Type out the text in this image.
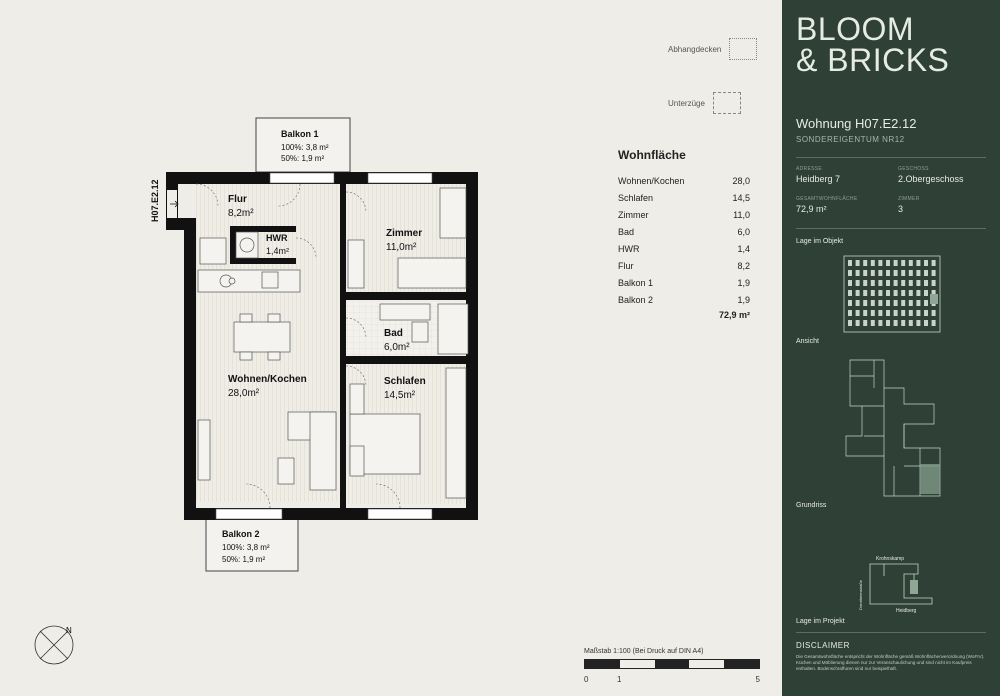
Balkon 1
100%: 3,8 m²
50%: 1,9 m²
Flur
8,2m²
HWR
1,4m²
Zimmer
11,0m²
Bad
6,0m²
Wohnen/Kochen
28,0m²
Schlafen
14,5m²
Balkon 2
100%: 3,8 m²
50%: 1,9 m²
H07.E2.12
N
Abhangdecken
Unterzüge
Wohnfläche
Wohnen/Kochen	28,0
Schlafen	14,5
Zimmer	11,0
Bad	6,0
HWR	1,4
Flur	8,2
Balkon 1	1,9
Balkon 2	1,9
72,9 m²
Maßstab 1:100 (Bei Druck auf DIN A4)
0	1	5
BLOOM
& BRICKS
Wohnung H07.E2.12
SONDEREIGENTUM NR12
ADRESSE
Heidberg 7
GESCHOSS
2.Obergeschoss
GESAMTWOHNFLÄCHE
72,9 m²
ZIMMER
3
Lage im Objekt
Ansicht
Grundriss
Krohnskamp
Heidberg
Dorotheenstraße
Lage im Projekt
DISCLAIMER
Die Gesamtwohnfläche entspricht der Wohnfläche gemäß Wohnflächenverordnung (WoFIV). Küchen und Möblierung dienen nur zur Veranschaulichung und sind nicht im Kaufpreis enthalten. Bodenschraffuren sind nur beispielhaft.
